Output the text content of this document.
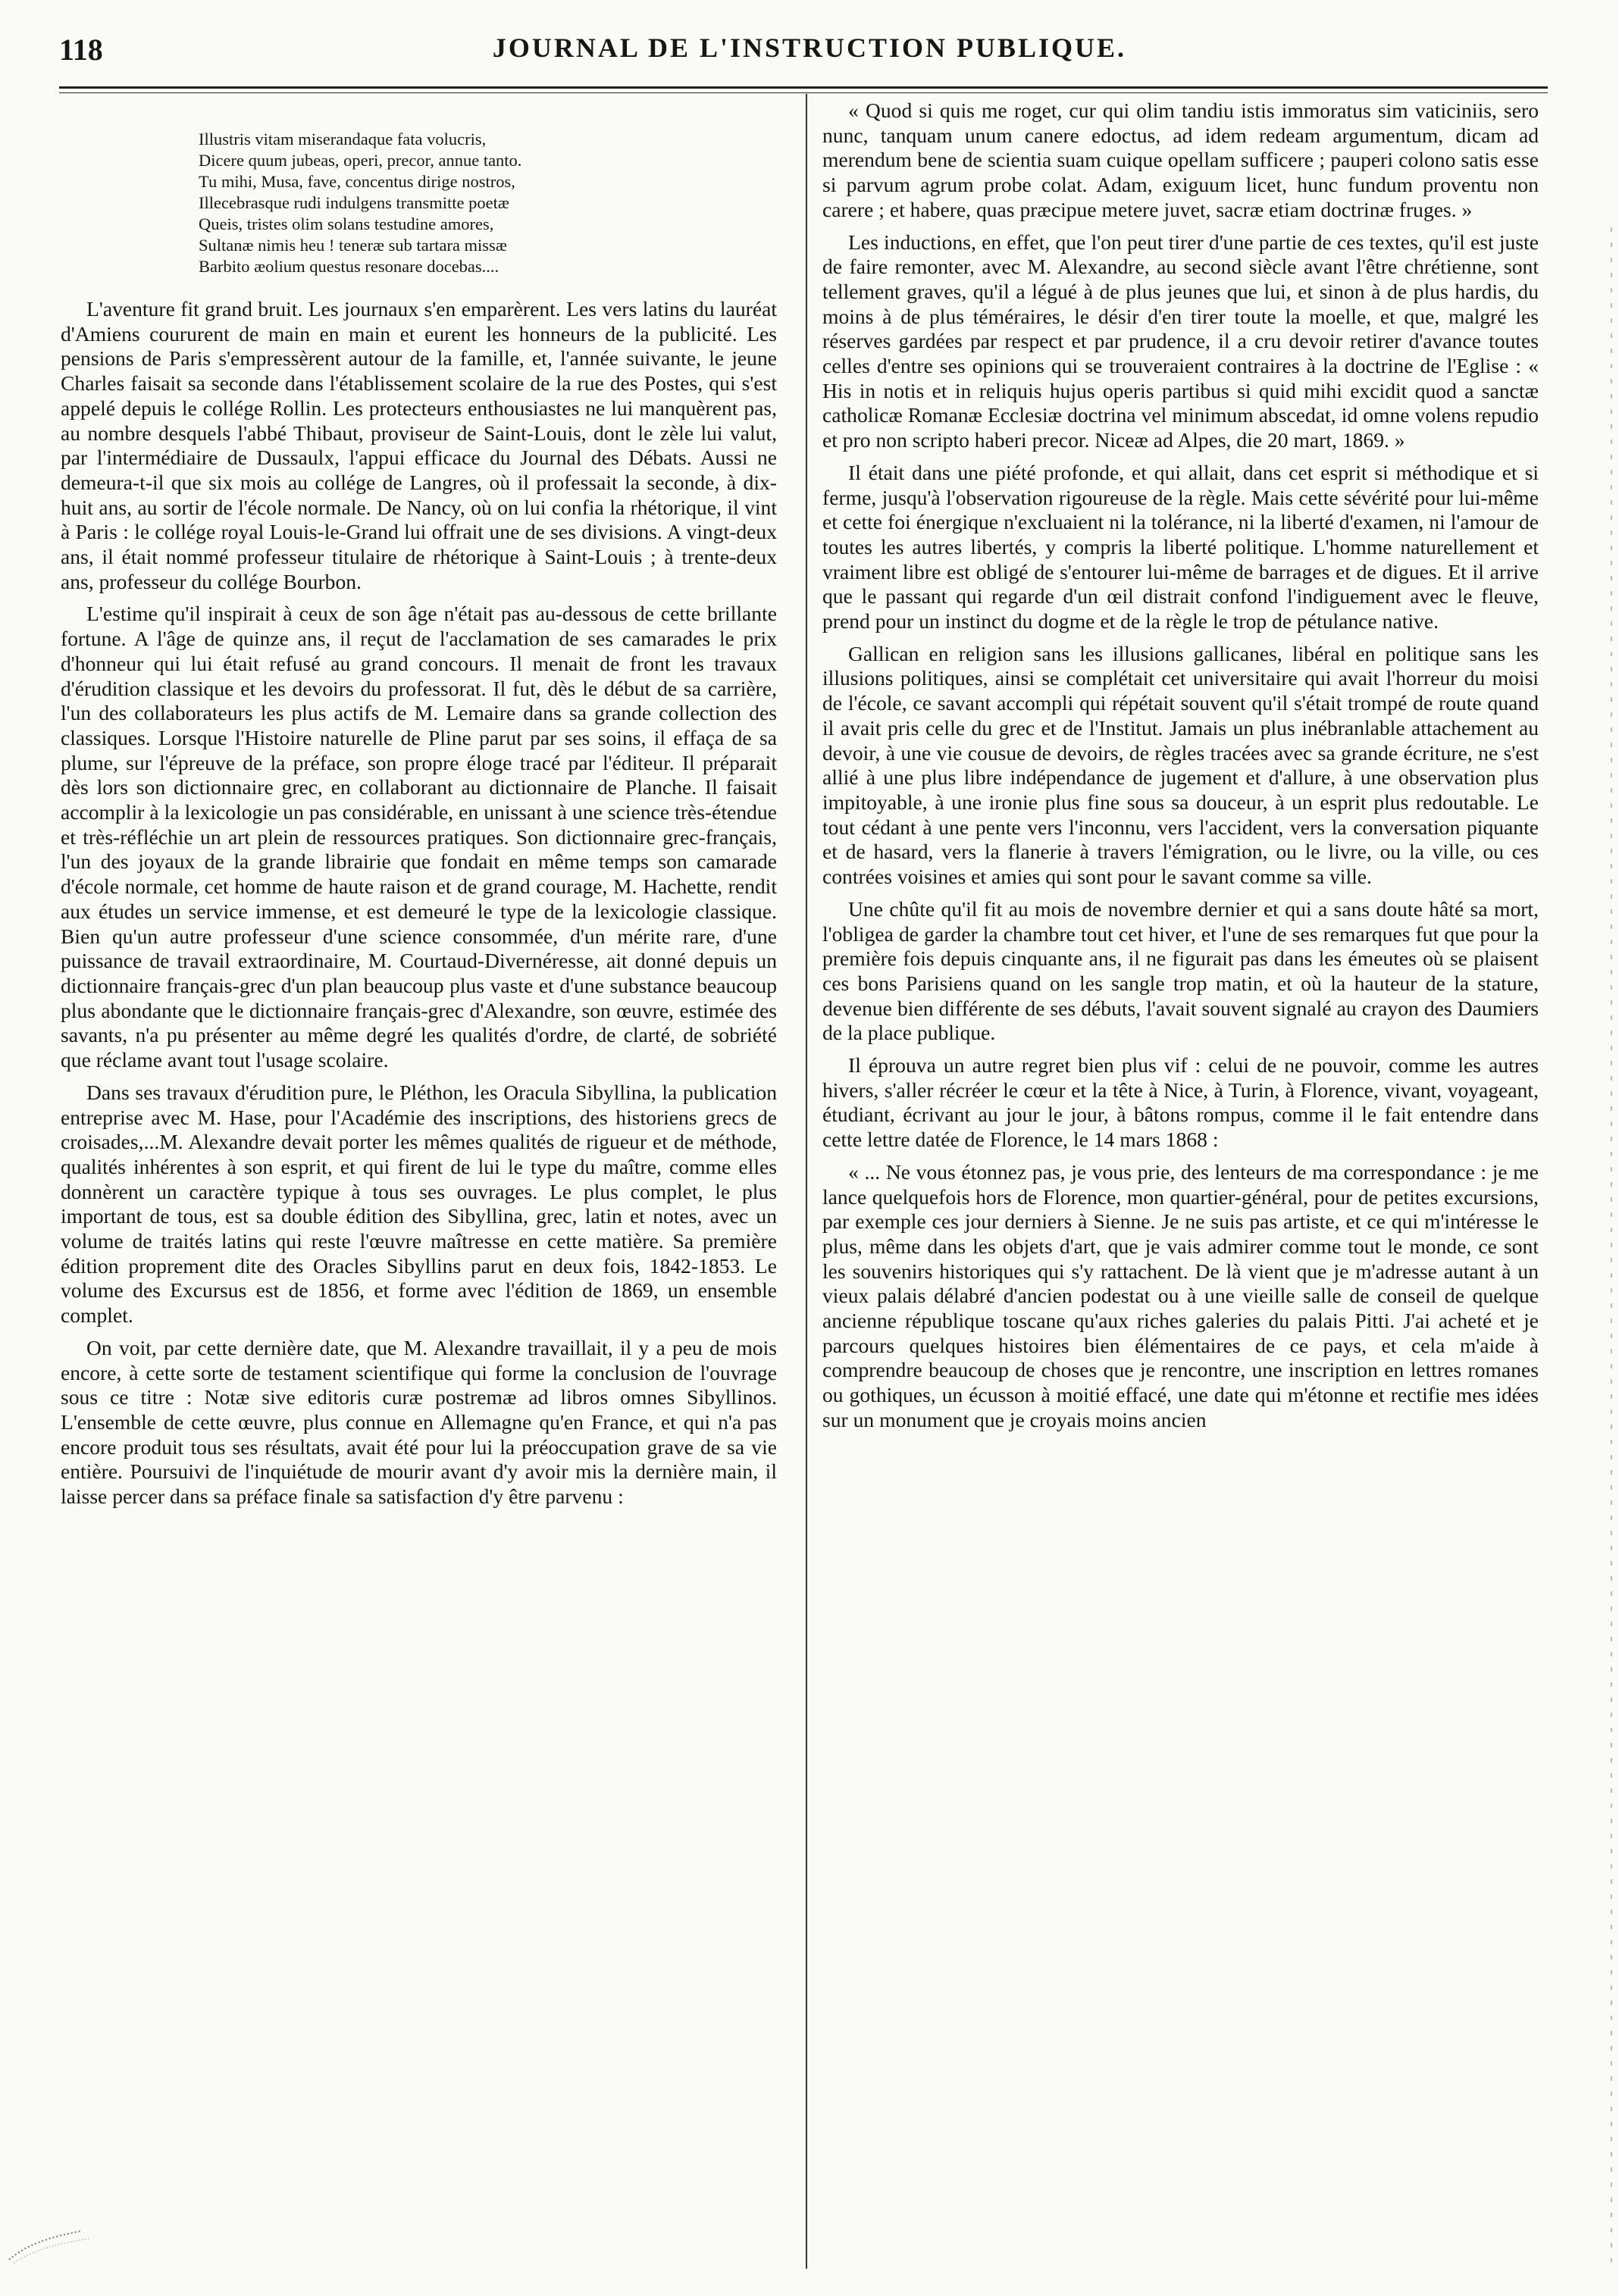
118	JOURNAL DE L'INSTRUCTION PUBLIQUE.
Illustris vitam miserandaque fata volucris,
Dicere quum jubeas, operi, precor, annue tanto.
Tu mihi, Musa, fave, concentus dirige nostros,
Illecebrasque rudi indulgens transmitte poetæ
Queis, tristes olim solans testudine amores,
Sultanæ nimis heu ! teneræ sub tartara missæ
Barbito æolium questus resonare docebas....

L'aventure fit grand bruit. Les journaux s'en emparèrent. Les vers latins du lauréat d'Amiens coururent de main en main et eurent les honneurs de la publicité. Les pensions de Paris s'empressèrent autour de la famille, et, l'année suivante, le jeune Charles faisait sa seconde dans l'établissement scolaire de la rue des Postes, qui s'est appelé depuis le collége Rollin. Les protecteurs enthousiastes ne lui manquèrent pas, au nombre desquels l'abbé Thibaut, proviseur de Saint-Louis, dont le zèle lui valut, par l'intermédiaire de Dussaulx, l'appui efficace du Journal des Débats. Aussi ne demeura-t-il que six mois au collége de Langres, où il professait la seconde, à dix-huit ans, au sortir de l'école normale. De Nancy, où on lui confia la rhétorique, il vint à Paris : le collége royal Louis-le-Grand lui offrait une de ses divisions. A vingt-deux ans, il était nommé professeur titulaire de rhétorique à Saint-Louis ; à trente-deux ans, professeur du collége Bourbon.

L'estime qu'il inspirait à ceux de son âge n'était pas au-dessous de cette brillante fortune. A l'âge de quinze ans, il reçut de l'acclamation de ses camarades le prix d'honneur qui lui était refusé au grand concours. Il menait de front les travaux d'érudition classique et les devoirs du professorat. Il fut, dès le début de sa carrière, l'un des collaborateurs les plus actifs de M. Lemaire dans sa grande collection des classiques. Lorsque l'Histoire naturelle de Pline parut par ses soins, il effaça de sa plume, sur l'épreuve de la préface, son propre éloge tracé par l'éditeur. Il préparait dès lors son dictionnaire grec, en collaborant au dictionnaire de Planche. Il faisait accomplir à la lexicologie un pas considérable, en unissant à une science très-étendue et très-réfléchie un art plein de ressources pratiques. Son dictionnaire grec-français, l'un des joyaux de la grande librairie que fondait en même temps son camarade d'école normale, cet homme de haute raison et de grand courage, M. Hachette, rendit aux études un service immense, et est demeuré le type de la lexicologie classique. Bien qu'un autre professeur d'une science consommée, d'un mérite rare, d'une puissance de travail extraordinaire, M. Courtaud-Divernéresse, ait donné depuis un dictionnaire français-grec d'un plan beaucoup plus vaste et d'une substance beaucoup plus abondante que le dictionnaire français-grec d'Alexandre, son œuvre, estimée des savants, n'a pu présenter au même degré les qualités d'ordre, de clarté, de sobriété que réclame avant tout l'usage scolaire.

Dans ses travaux d'érudition pure, le Pléthon, les Oracula Sibyllina, la publication entreprise avec M. Hase, pour l'Académie des inscriptions, des historiens grecs de croisades,...M. Alexandre devait porter les mêmes qualités de rigueur et de méthode, qualités inhérentes à son esprit, et qui firent de lui le type du maître, comme elles donnèrent un caractère typique à tous ses ouvrages. Le plus complet, le plus important de tous, est sa double édition des Sibyllina, grec, latin et notes, avec un volume de traités latins qui reste l'œuvre maîtresse en cette matière. Sa première édition proprement dite des Oracles Sibyllins parut en deux fois, 1842-1853. Le volume des Excursus est de 1856, et forme avec l'édition de 1869, un ensemble complet.

On voit, par cette dernière date, que M. Alexandre travaillait, il y a peu de mois encore, à cette sorte de testament scientifique qui forme la conclusion de l'ouvrage sous ce titre : Notæ sive editoris curæ postremæ ad libros omnes Sibyllinos. L'ensemble de cette œuvre, plus connue en Allemagne qu'en France, et qui n'a pas encore produit tous ses résultats, avait été pour lui la préoccupation grave de sa vie entière. Poursuivi de l'inquiétude de mourir avant d'y avoir mis la dernière main, il laisse percer dans sa préface finale sa satisfaction d'y être parvenu :

« Quod si quis me roget, cur qui olim tandiu istis immoratus sim vaticiniis, sero nunc, tanquam unum canere edoctus, ad idem redeam argumentum, dicam ad merendum bene de scientia suam cuique opellam sufficere ; pauperi colono satis esse si parvum agrum probe colat. Adam, exiguum licet, hunc fundum proventu non carere ; et habere, quas præcipue metere juvet, sacræ etiam doctrinæ fruges. »

Les inductions, en effet, que l'on peut tirer d'une partie de ces textes, qu'il est juste de faire remonter, avec M. Alexandre, au second siècle avant l'être chrétienne, sont tellement graves, qu'il a légué à de plus jeunes que lui, et sinon à de plus hardis, du moins à de plus téméraires, le désir d'en tirer toute la moelle, et que, malgré les réserves gardées par respect et par prudence, il a cru devoir retirer d'avance toutes celles d'entre ses opinions qui se trouveraient contraires à la doctrine de l'Eglise : « His in notis et in reliquis hujus operis partibus si quid mihi excidit quod a sanctæ catholicæ Romanæ Ecclesiæ doctrina vel minimum abscedat, id omne volens repudio et pro non scripto haberi precor. Niceæ ad Alpes, die 20 mart, 1869. »

Il était dans une piété profonde, et qui allait, dans cet esprit si méthodique et si ferme, jusqu'à l'observation rigoureuse de la règle. Mais cette sévérité pour lui-même et cette foi énergique n'excluaient ni la tolérance, ni la liberté d'examen, ni l'amour de toutes les autres libertés, y compris la liberté politique. L'homme naturellement et vraiment libre est obligé de s'entourer lui-même de barrages et de digues. Et il arrive que le passant qui regarde d'un œil distrait confond l'indiguement avec le fleuve, prend pour un instinct du dogme et de la règle le trop de pétulance native.

Gallican en religion sans les illusions gallicanes, libéral en politique sans les illusions politiques, ainsi se complétait cet universitaire qui avait l'horreur du moisi de l'école, ce savant accompli qui répétait souvent qu'il s'était trompé de route quand il avait pris celle du grec et de l'Institut. Jamais un plus inébranlable attachement au devoir, à une vie cousue de devoirs, de règles tracées avec sa grande écriture, ne s'est allié à une plus libre indépendance de jugement et d'allure, à une observation plus impitoyable, à une ironie plus fine sous sa douceur, à un esprit plus redoutable. Le tout cédant à une pente vers l'inconnu, vers l'accident, vers la conversation piquante et de hasard, vers la flanerie à travers l'émigration, ou le livre, ou la ville, ou ces contrées voisines et amies qui sont pour le savant comme sa ville.

Une chûte qu'il fit au mois de novembre dernier et qui a sans doute hâté sa mort, l'obligea de garder la chambre tout cet hiver, et l'une de ses remarques fut que pour la première fois depuis cinquante ans, il ne figurait pas dans les émeutes où se plaisent ces bons Parisiens quand on les sangle trop matin, et où la hauteur de la stature, devenue bien différente de ses débuts, l'avait souvent signalé au crayon des Daumiers de la place publique.

Il éprouva un autre regret bien plus vif : celui de ne pouvoir, comme les autres hivers, s'aller récréer le cœur et la tête à Nice, à Turin, à Florence, vivant, voyageant, étudiant, écrivant au jour le jour, à bâtons rompus, comme il le fait entendre dans cette lettre datée de Florence, le 14 mars 1868 :

« ... Ne vous étonnez pas, je vous prie, des lenteurs de ma correspondance : je me lance quelquefois hors de Florence, mon quartier-général, pour de petites excursions, par exemple ces jour derniers à Sienne. Je ne suis pas artiste, et ce qui m'intéresse le plus, même dans les objets d'art, que je vais admirer comme tout le monde, ce sont les souvenirs historiques qui s'y rattachent. De là vient que je m'adresse autant à un vieux palais délabré d'ancien podestat ou à une vieille salle de conseil de quelque ancienne république toscane qu'aux riches galeries du palais Pitti. J'ai acheté et je parcours quelques histoires bien élémentaires de ce pays, et cela m'aide à comprendre beaucoup de choses que je rencontre, une inscription en lettres romanes ou gothiques, un écusson à moitié effacé, une date qui m'étonne et rectifie mes idées sur un monument que je croyais moins ancien
